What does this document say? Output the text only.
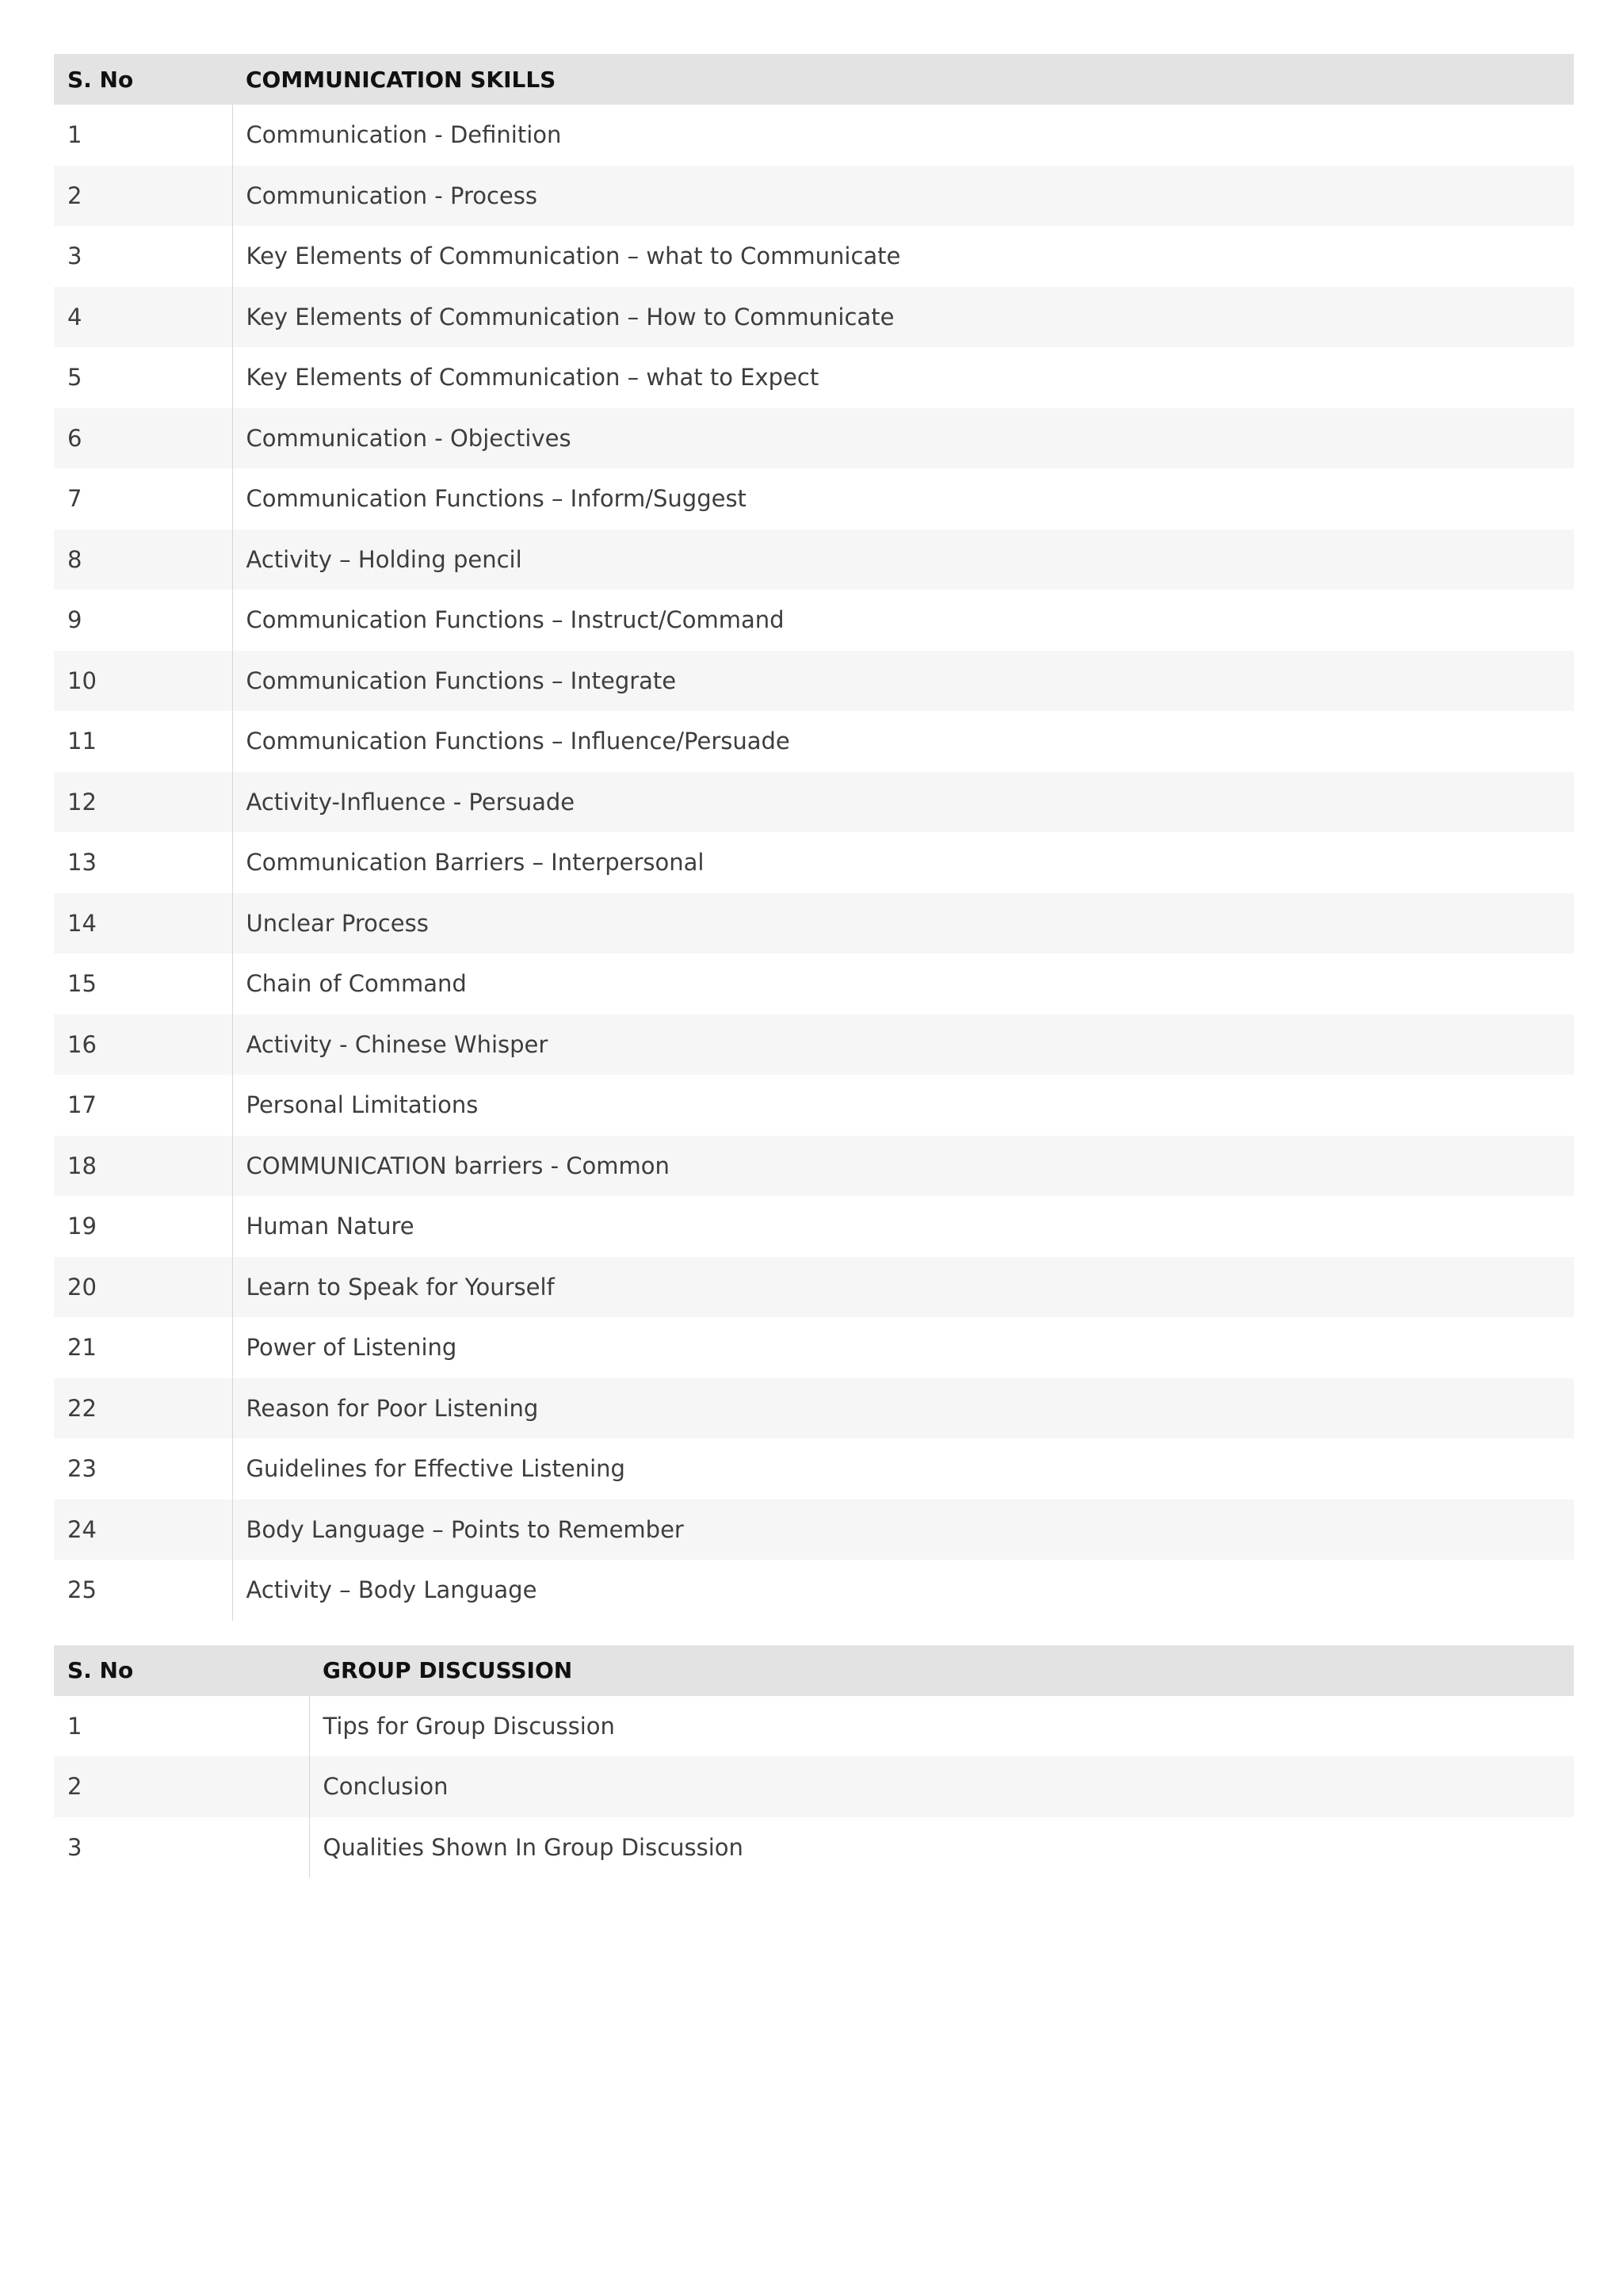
S. No	COMMUNICATION SKILLS
1	Communication - Definition
2	Communication - Process
3	Key Elements of Communication – what to Communicate
4	Key Elements of Communication – How to Communicate
5	Key Elements of Communication – what to Expect
6	Communication - Objectives
7	Communication Functions – Inform/Suggest
8	Activity – Holding pencil
9	Communication Functions – Instruct/Command
10	Communication Functions – Integrate
11	Communication Functions – Influence/Persuade
12	Activity-Influence - Persuade
13	Communication Barriers – Interpersonal
14	Unclear Process
15	Chain of Command
16	Activity - Chinese Whisper
17	Personal Limitations
18	COMMUNICATION barriers - Common
19	Human Nature
20	Learn to Speak for Yourself
21	Power of Listening
22	Reason for Poor Listening
23	Guidelines for Effective Listening
24	Body Language – Points to Remember
25	Activity – Body Language
S. No	GROUP DISCUSSION
1	Tips for Group Discussion
2	Conclusion
3	Qualities Shown In Group Discussion
